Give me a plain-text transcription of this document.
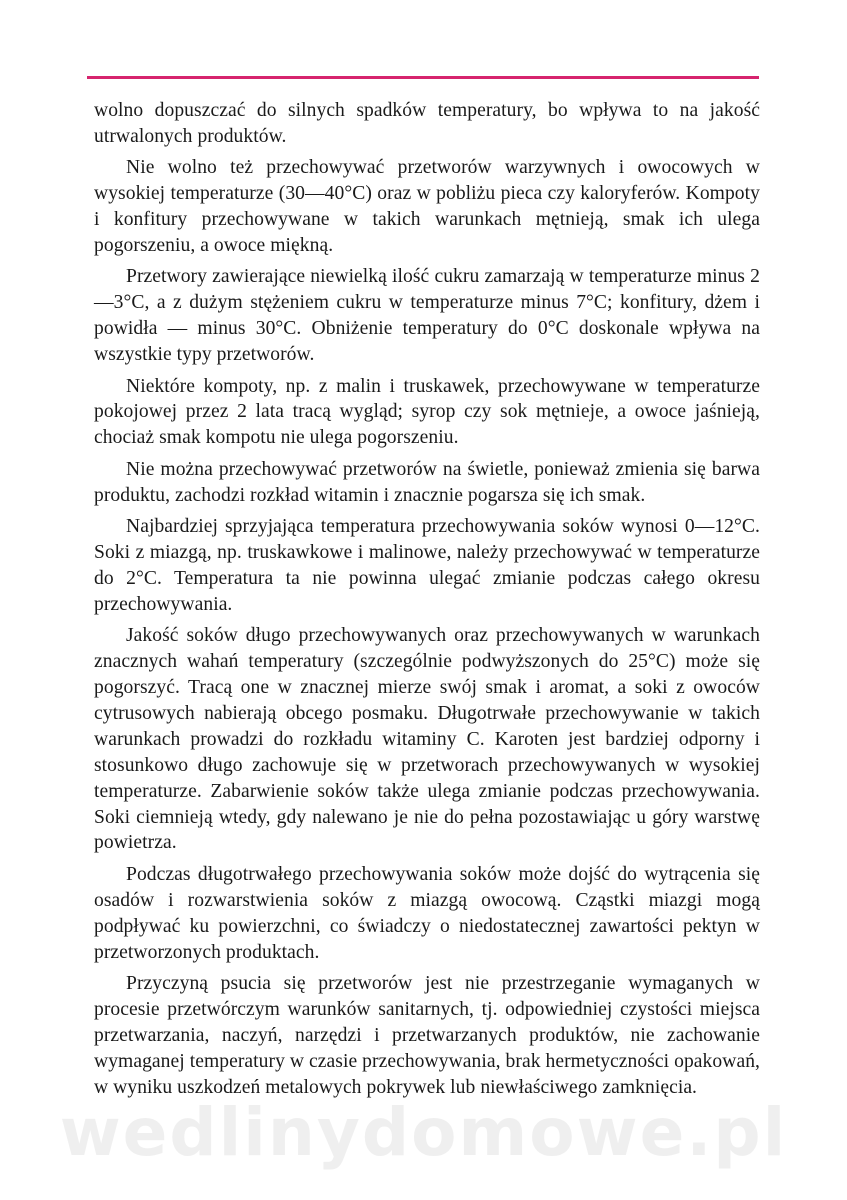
wolno dopuszczać do silnych spadków temperatury, bo wpływa to na jakość utrwalonych produktów.

Nie wolno też przechowywać przetworów warzywnych i owocowych w wysokiej temperaturze (30—40°C) oraz w pobliżu pieca czy kaloryferów. Kompoty i konfitury przechowywane w takich warunkach mętnieją, smak ich ulega pogorszeniu, a owoce miękną.

Przetwory zawierające niewielką ilość cukru zamarzają w temperaturze minus 2—3°C, a z dużym stężeniem cukru w temperaturze minus 7°C; konfitury, dżem i powidła — minus 30°C. Obniżenie temperatury do 0°C doskonale wpływa na wszystkie typy przetworów.

Niektóre kompoty, np. z malin i truskawek, przechowywane w temperaturze pokojowej przez 2 lata tracą wygląd; syrop czy sok mętnieje, a owoce jaśnieją, chociaż smak kompotu nie ulega pogorszeniu.

Nie można przechowywać przetworów na świetle, ponieważ zmienia się barwa produktu, zachodzi rozkład witamin i znacznie pogarsza się ich smak.

Najbardziej sprzyjająca temperatura przechowywania soków wynosi 0—12°C. Soki z miazgą, np. truskawkowe i malinowe, należy przechowywać w temperaturze do 2°C. Temperatura ta nie powinna ulegać zmianie podczas całego okresu przechowywania.

Jakość soków długo przechowywanych oraz przechowywanych w warunkach znacznych wahań temperatury (szczególnie podwyższonych do 25°C) może się pogorszyć. Tracą one w znacznej mierze swój smak i aromat, a soki z owoców cytrusowych nabierają obcego posmaku. Długotrwałe przechowywanie w takich warunkach prowadzi do rozkładu witaminy C. Karoten jest bardziej odporny i stosunkowo długo zachowuje się w przetworach przechowywanych w wysokiej temperaturze. Zabarwienie soków także ulega zmianie podczas przechowywania. Soki ciemnieją wtedy, gdy nalewano je nie do pełna pozostawiając u góry warstwę powietrza.

Podczas długotrwałego przechowywania soków może dojść do wytrącenia się osadów i rozwarstwienia soków z miazgą owocową. Cząstki miazgi mogą podpływać ku powierzchni, co świadczy o niedostatecznej zawartości pektyn w przetworzonych produktach.

Przyczyną psucia się przetworów jest nie przestrzeganie wymaganych w procesie przetwórczym warunków sanitarnych, tj. odpowiedniej czystości miejsca przetwarzania, naczyń, narzędzi i przetwarzanych produktów, nie zachowanie wymaganej temperatury w czasie przechowywania, brak hermetyczności opakowań, w wyniku uszkodzeń metalowych pokrywek lub niewłaściwego zamknięcia.

wedlinydomowe.pl
